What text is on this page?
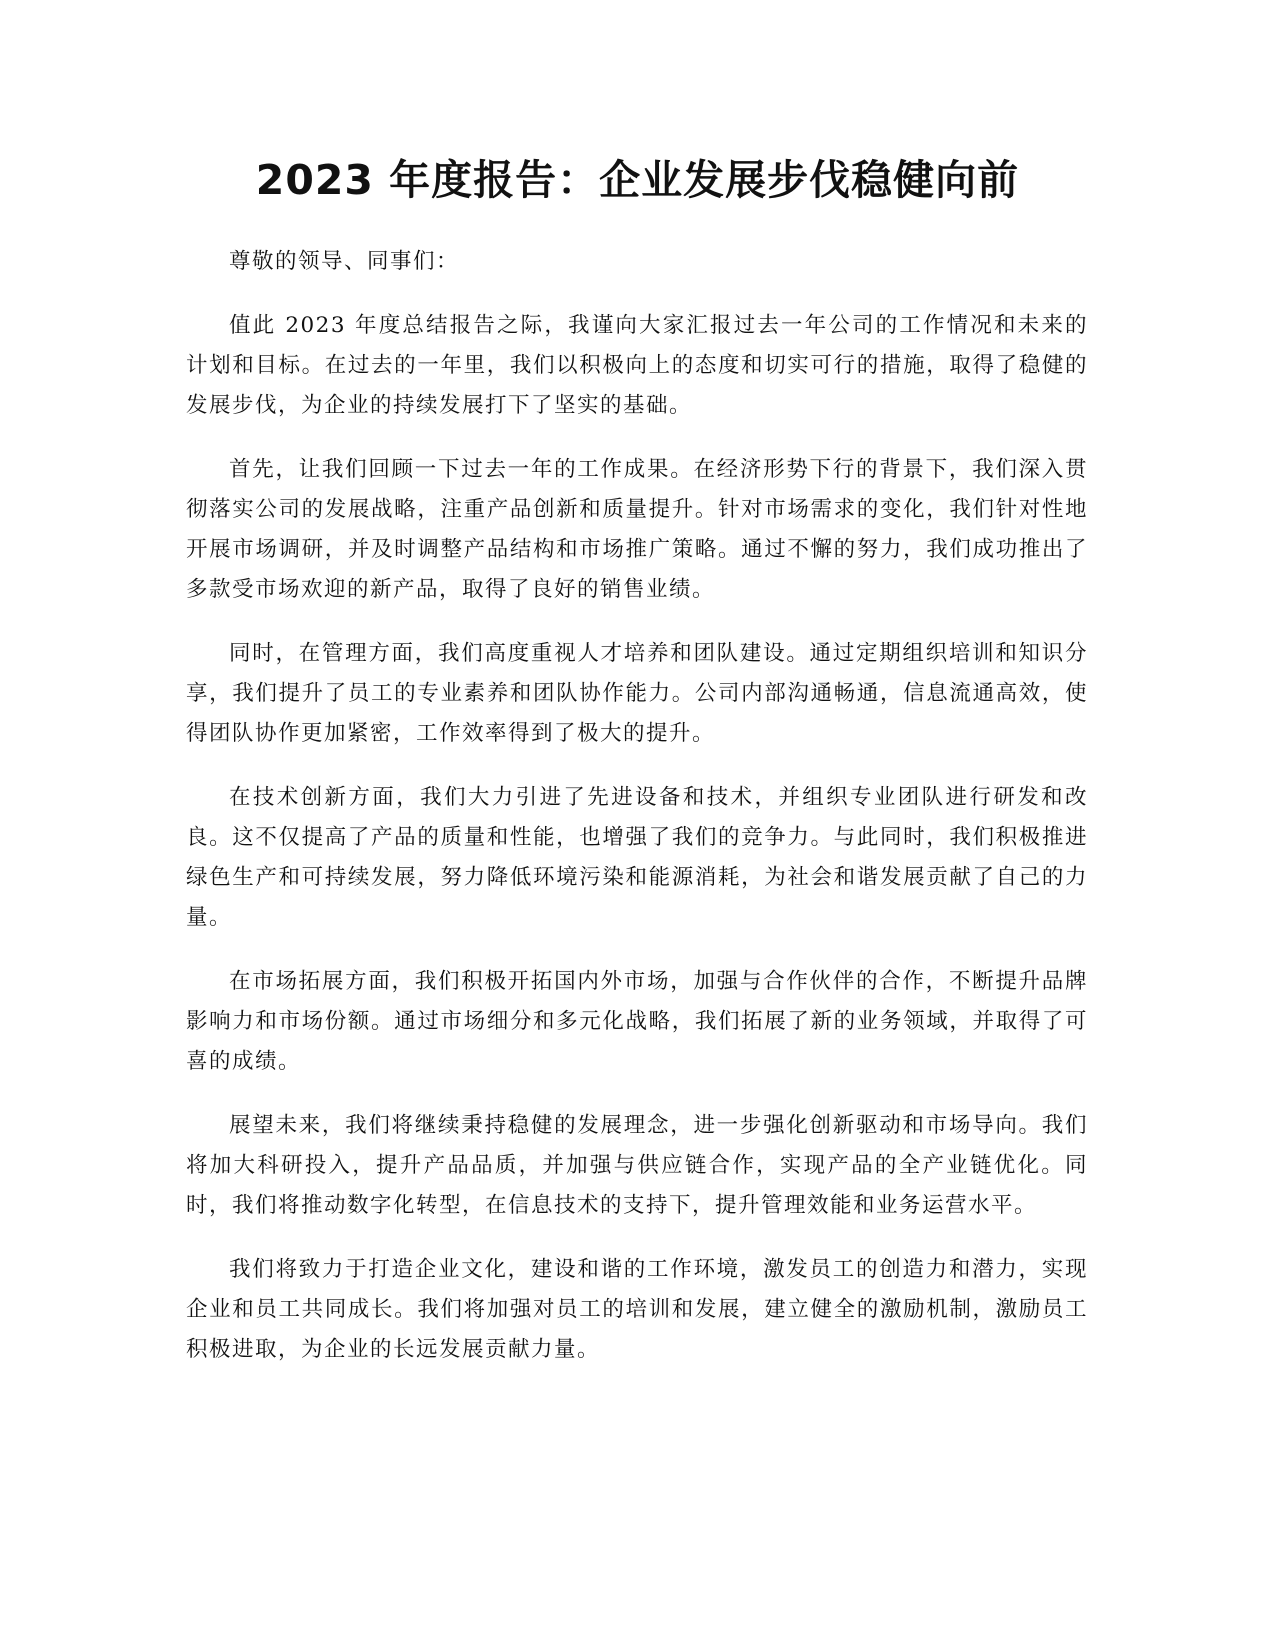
2023 年度报告：企业发展步伐稳健向前

尊敬的领导、同事们：

值此 2023 年度总结报告之际，我谨向大家汇报过去一年公司的工作情况和未来的计划和目标。在过去的一年里，我们以积极向上的态度和切实可行的措施，取得了稳健的发展步伐，为企业的持续发展打下了坚实的基础。

首先，让我们回顾一下过去一年的工作成果。在经济形势下行的背景下，我们深入贯彻落实公司的发展战略，注重产品创新和质量提升。针对市场需求的变化，我们针对性地开展市场调研，并及时调整产品结构和市场推广策略。通过不懈的努力，我们成功推出了多款受市场欢迎的新产品，取得了良好的销售业绩。

同时，在管理方面，我们高度重视人才培养和团队建设。通过定期组织培训和知识分享，我们提升了员工的专业素养和团队协作能力。公司内部沟通畅通，信息流通高效，使得团队协作更加紧密，工作效率得到了极大的提升。

在技术创新方面，我们大力引进了先进设备和技术，并组织专业团队进行研发和改良。这不仅提高了产品的质量和性能，也增强了我们的竞争力。与此同时，我们积极推进绿色生产和可持续发展，努力降低环境污染和能源消耗，为社会和谐发展贡献了自己的力量。

在市场拓展方面，我们积极开拓国内外市场，加强与合作伙伴的合作，不断提升品牌影响力和市场份额。通过市场细分和多元化战略，我们拓展了新的业务领域，并取得了可喜的成绩。

展望未来，我们将继续秉持稳健的发展理念，进一步强化创新驱动和市场导向。我们将加大科研投入，提升产品品质，并加强与供应链合作，实现产品的全产业链优化。同时，我们将推动数字化转型，在信息技术的支持下，提升管理效能和业务运营水平。

我们将致力于打造企业文化，建设和谐的工作环境，激发员工的创造力和潜力，实现企业和员工共同成长。我们将加强对员工的培训和发展，建立健全的激励机制，激励员工积极进取，为企业的长远发展贡献力量。
